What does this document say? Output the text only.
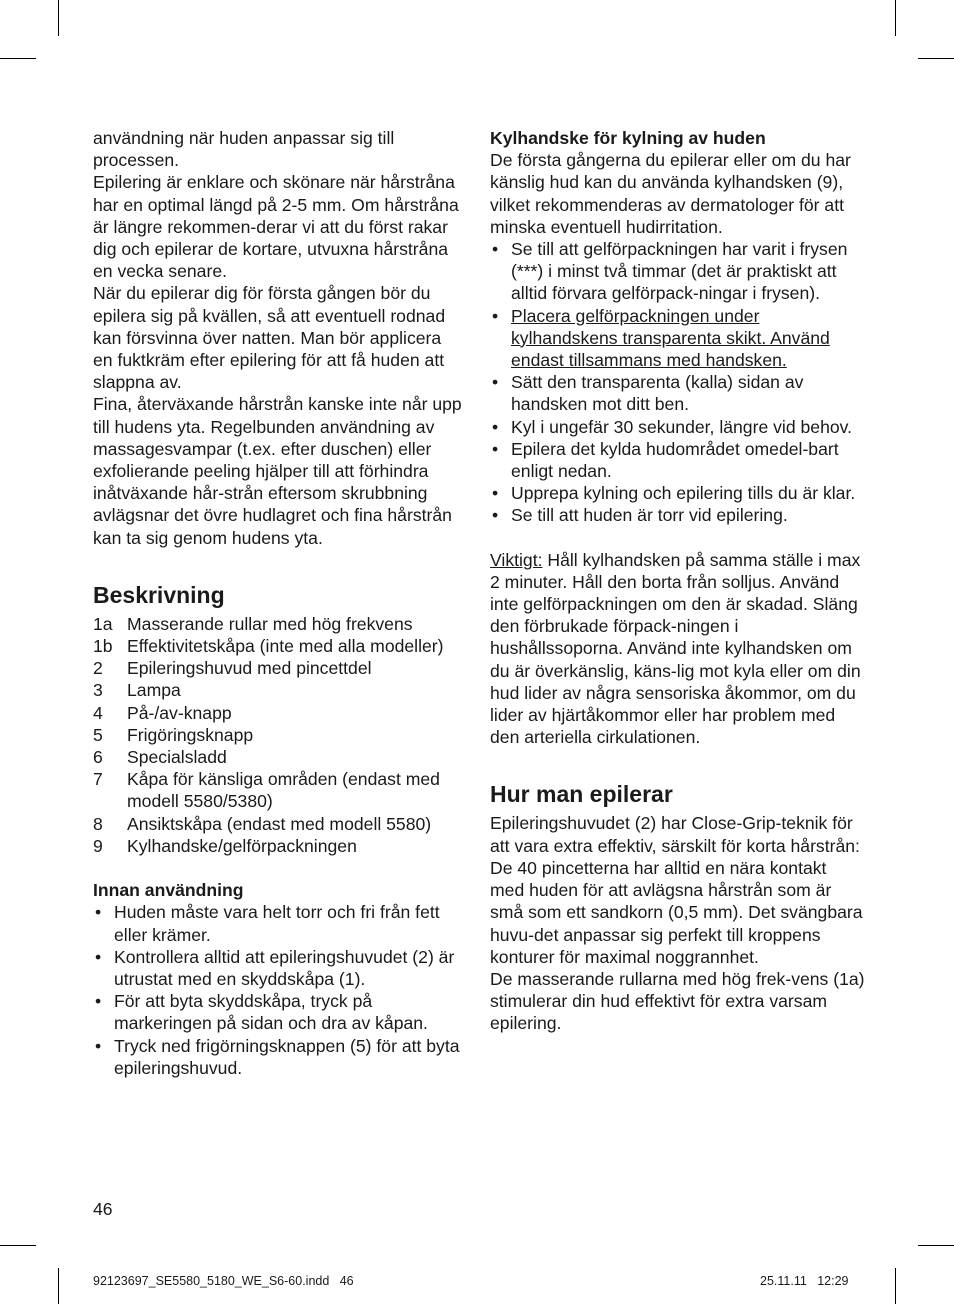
användning när huden anpassar sig till processen.

Epilering är enklare och skönare när hårstråna har en optimal längd på 2-5 mm. Om hårstråna är längre rekommen-derar vi att du först rakar dig och epilerar de kortare, utvuxna hårstråna en vecka senare.

När du epilerar dig för första gången bör du epilera sig på kvällen, så att eventuell rodnad kan försvinna över natten. Man bör applicera en fuktkräm efter epilering för att få huden att slappna av.

Fina, återväxande hårstrån kanske inte når upp till hudens yta. Regelbunden användning av massagesvampar (t.ex. efter duschen) eller exfolierande peeling hjälper till att förhindra inåtväxande hår-strån eftersom skrubbning avlägsnar det övre hudlagret och fina hårstrån kan ta sig genom hudens yta.

Beskrivning
1a Masserande rullar med hög frekvens
1b Effektivitetskåpa (inte med alla modeller)
2 Epileringshuvud med pincettdel
3 Lampa
4 På-/av-knapp
5 Frigöringsknapp
6 Specialsladd
7 Kåpa för känsliga områden (endast med modell 5580/5380)
8 Ansiktskåpa (endast med modell 5580)
9 Kylhandske/gelförpackningen
Innan användning
• Huden måste vara helt torr och fri från fett eller krämer.
• Kontrollera alltid att epileringshuvudet (2) är utrustat med en skyddskåpa (1).
• För att byta skyddskåpa, tryck på markeringen på sidan och dra av kåpan.
• Tryck ned frigörningsknappen (5) för att byta epileringshuvud.
Kylhandske för kylning av huden

De första gångerna du epilerar eller om du har känslig hud kan du använda kylhandsken (9), vilket rekommenderas av dermatologer för att minska eventuell hudirritation.

• Se till att gelförpackningen har varit i frysen (***) i minst två timmar (det är praktiskt att alltid förvara gelförpack-ningar i frysen).
• Placera gelförpackningen under kylhandskens transparenta skikt. Använd endast tillsammans med handsken.
• Sätt den transparenta (kalla) sidan av handsken mot ditt ben.
• Kyl i ungefär 30 sekunder, längre vid behov.
• Epilera det kylda hudområdet omedel-bart enligt nedan.
• Upprepa kylning och epilering tills du är klar.
• Se till att huden är torr vid epilering.

Viktigt: Håll kylhandsken på samma ställe i max 2 minuter. Håll den borta från solljus. Använd inte gelförpackningen om den är skadad. Släng den förbrukade förpack-ningen i hushållssoporna. Använd inte kylhandsken om du är överkänslig, käns-lig mot kyla eller om din hud lider av några sensoriska åkommor, om du lider av hjärtåkommor eller har problem med den arteriella cirkulationen.

Hur man epilerar

Epileringshuvudet (2) har Close-Grip-teknik för att vara extra effektiv, särskilt för korta hårstrån: De 40 pincetterna har alltid en nära kontakt med huden för att avlägsna hårstrån som är små som ett sandkorn (0,5 mm). Det svängbara huvu-det anpassar sig perfekt till kroppens konturer för maximal noggrannhet.

De masserande rullarna med hög frek-vens (1a) stimulerar din hud effektivt för extra varsam epilering.

46
92123697_SE5580_5180_WE_S6-60.indd   46	25.11.11   12:29
